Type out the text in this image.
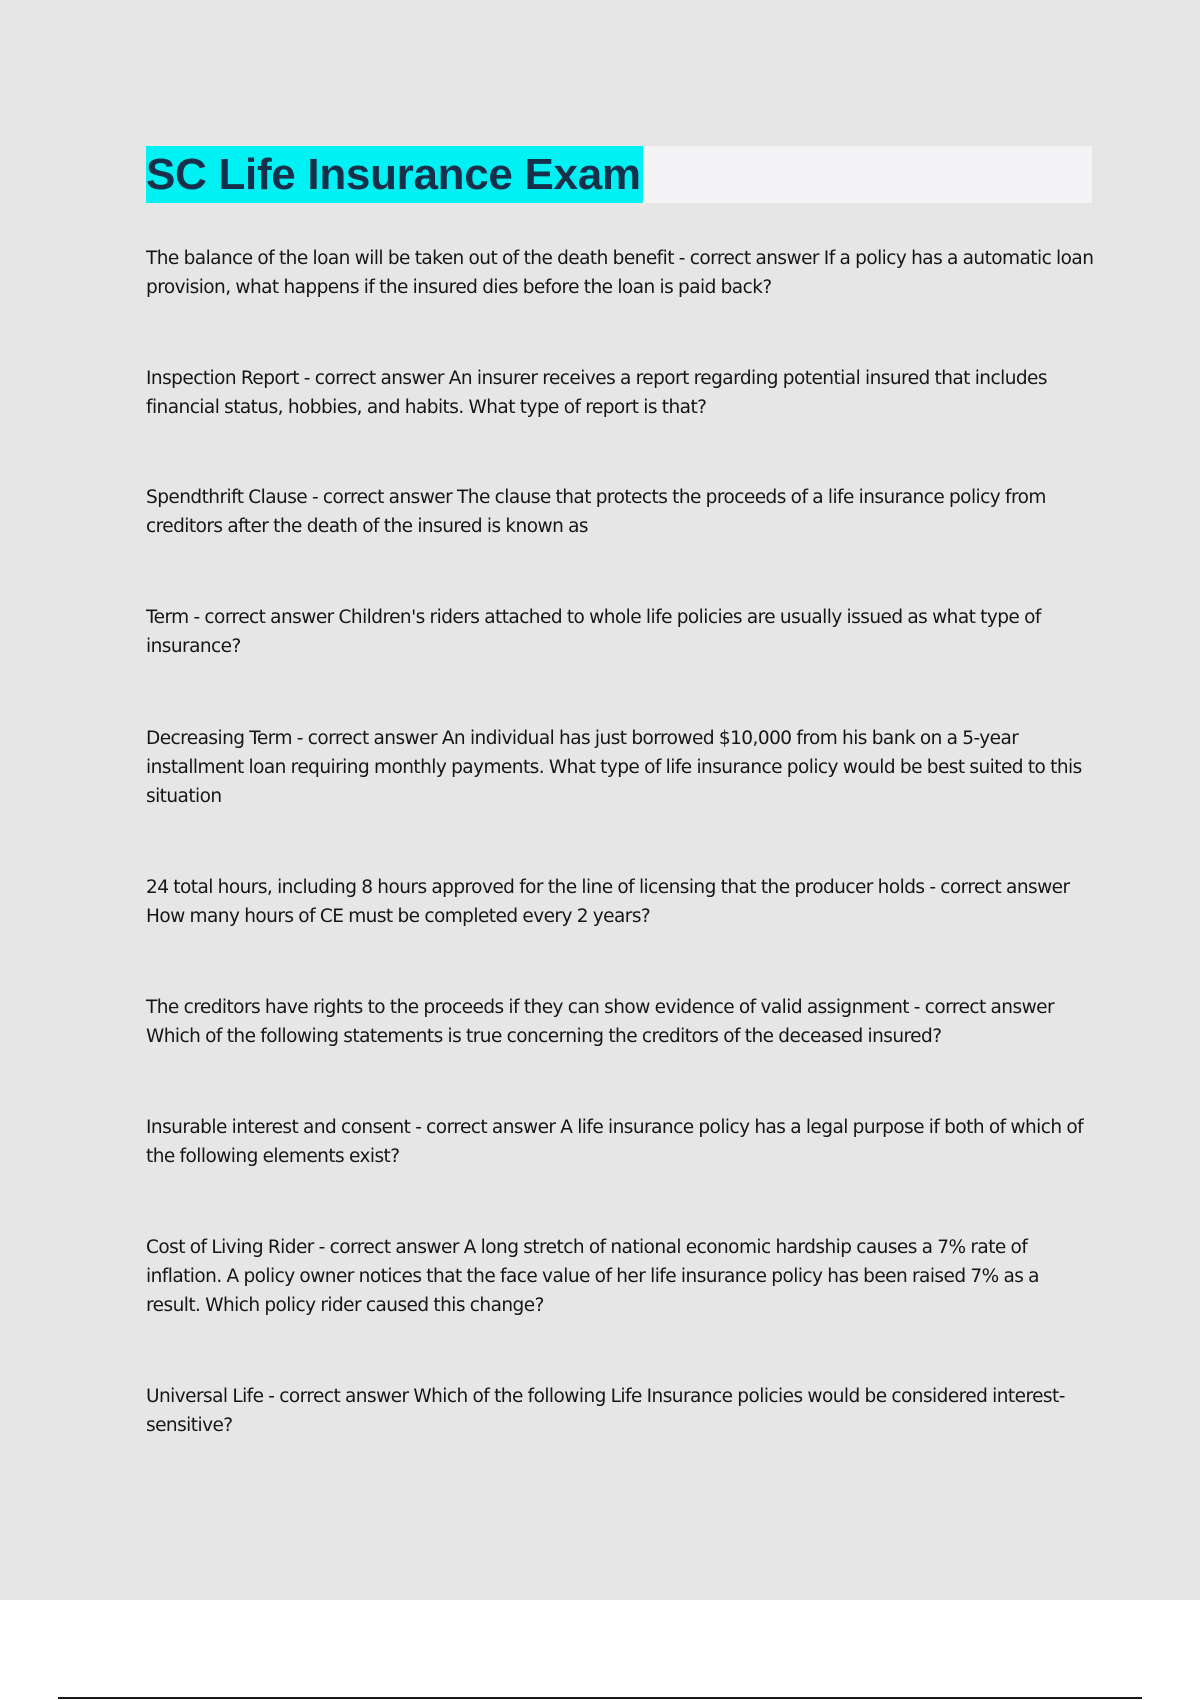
SC Life Insurance Exam

The balance of the loan will be taken out of the death benefit - correct answer If a policy has a automatic loan provision, what happens if the insured dies before the loan is paid back?

Inspection Report - correct answer An insurer receives a report regarding potential insured that includes financial status, hobbies, and habits. What type of report is that?

Spendthrift Clause - correct answer The clause that protects the proceeds of a life insurance policy from creditors after the death of the insured is known as

Term - correct answer Children's riders attached to whole life policies are usually issued as what type of insurance?

Decreasing Term - correct answer An individual has just borrowed $10,000 from his bank on a 5-year installment loan requiring monthly payments. What type of life insurance policy would be best suited to this situation

24 total hours, including 8 hours approved for the line of licensing that the producer holds - correct answer How many hours of CE must be completed every 2 years?

The creditors have rights to the proceeds if they can show evidence of valid assignment - correct answer Which of the following statements is true concerning the creditors of the deceased insured?

Insurable interest and consent - correct answer A life insurance policy has a legal purpose if both of which of the following elements exist?

Cost of Living Rider - correct answer A long stretch of national economic hardship causes a 7% rate of inflation. A policy owner notices that the face value of her life insurance policy has been raised 7% as a result. Which policy rider caused this change?

Universal Life - correct answer Which of the following Life Insurance policies would be considered interest-sensitive?
